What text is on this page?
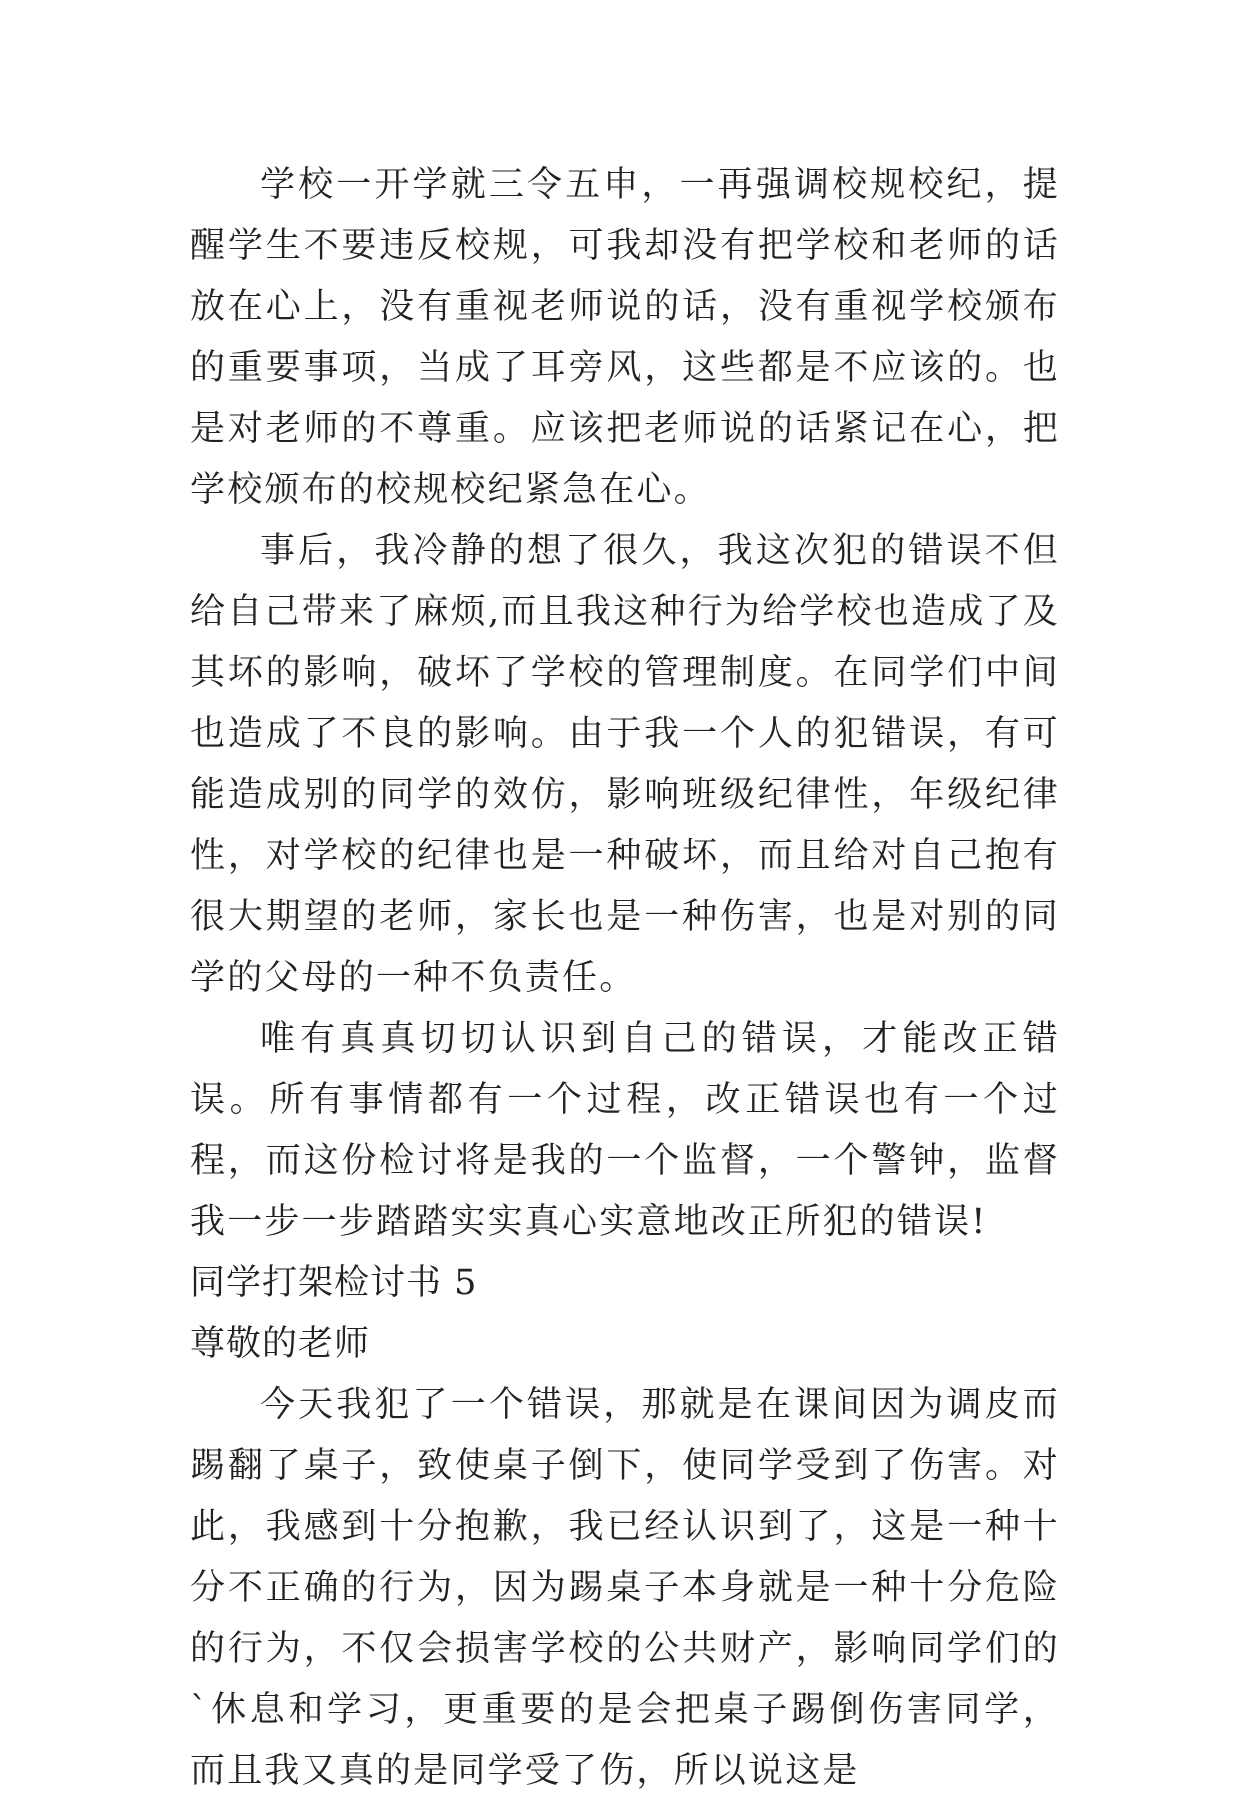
学校一开学就三令五申，一再强调校规校纪，提醒学生不要违反校规，可我却没有把学校和老师的话放在心上，没有重视老师说的话，没有重视学校颁布的重要事项，当成了耳旁风，这些都是不应该的。也是对老师的不尊重。应该把老师说的话紧记在心，把学校颁布的校规校纪紧急在心。

事后，我冷静的想了很久，我这次犯的错误不但给自己带来了麻烦,而且我这种行为给学校也造成了及其坏的影响，破坏了学校的管理制度。在同学们中间也造成了不良的影响。由于我一个人的犯错误，有可能造成别的同学的效仿，影响班级纪律性，年级纪律性，对学校的纪律也是一种破坏，而且给对自己抱有很大期望的老师，家长也是一种伤害，也是对别的同学的父母的一种不负责任。

唯有真真切切认识到自己的错误，才能改正错误。所有事情都有一个过程，改正错误也有一个过程，而这份检讨将是我的一个监督，一个警钟，监督我一步一步踏踏实实真心实意地改正所犯的错误!

同学打架检讨书 5

尊敬的老师

今天我犯了一个错误，那就是在课间因为调皮而踢翻了桌子，致使桌子倒下，使同学受到了伤害。对此，我感到十分抱歉，我已经认识到了，这是一种十分不正确的行为，因为踢桌子本身就是一种十分危险的行为，不仅会损害学校的公共财产，影响同学们的`休息和学习，更重要的是会把桌子踢倒伤害同学，而且我又真的是同学受了伤，所以说这是
